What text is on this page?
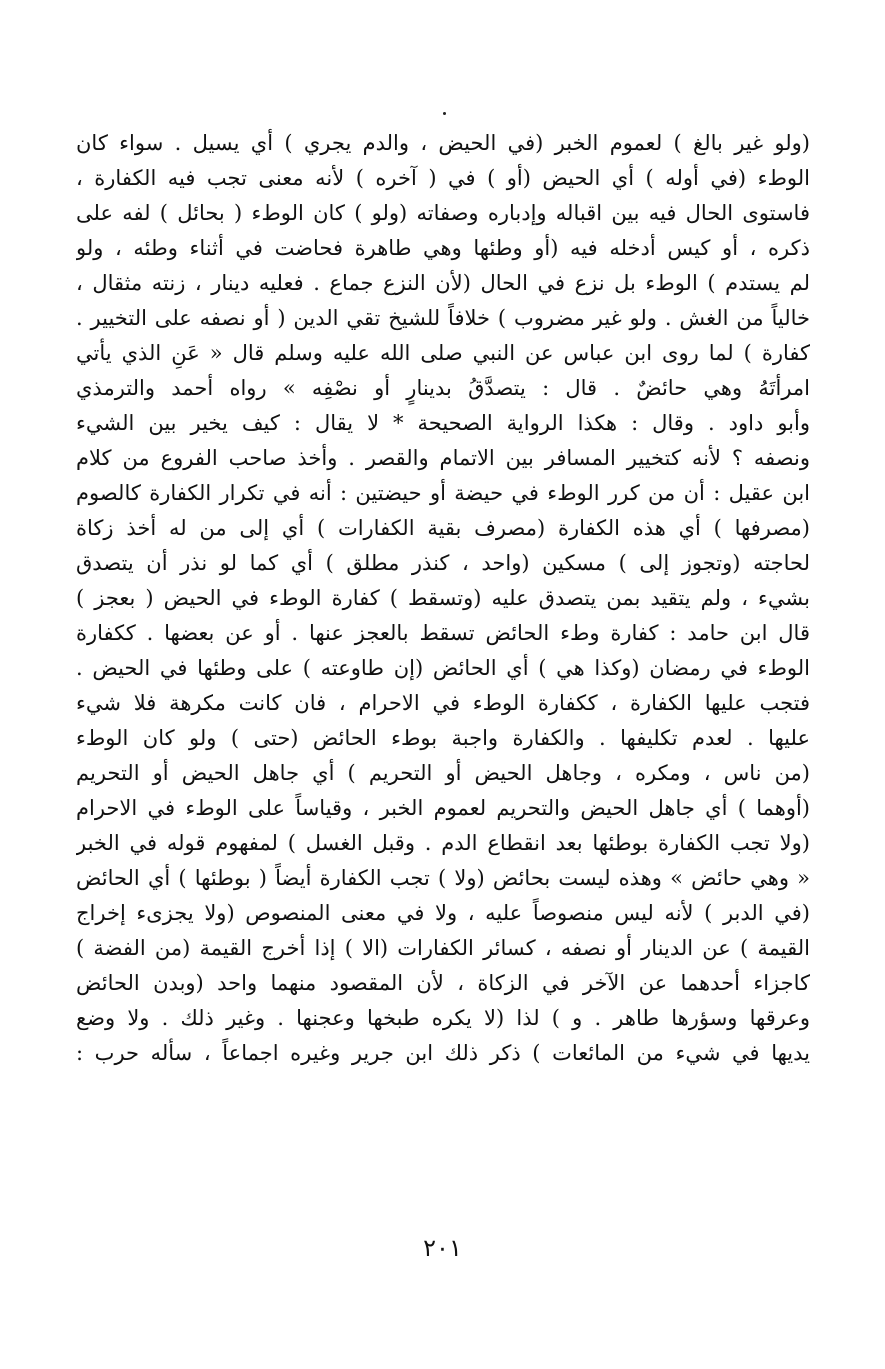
(ولو غير بالغ ) لعموم الخبر (في الحيض ، والدم يجري ) أي يسيل . سواء كان
الوطء (في أوله ) أي الحيض (أو ) في ( آخره ) لأنه معنى تجب فيه الكفارة ،
فاستوى الحال فيه بين اقباله وإدباره وصفاته (ولو ) كان الوطء ( بحائل ) لفه على
ذكره ، أو كيس أدخله فيه (أو وطئها وهي طاهرة فحاضت في أثناء وطئه ، ولو
لم يستدم ) الوطء بل نزع في الحال (لأن النزع جماع . فعليه دينار ، زنته مثقال ،
خالياً من الغش . ولو غير مضروب ) خلافاً للشيخ تقي الدين ( أو نصفه على التخيير .
كفارة ) لما روى ابن عباس عن النبي صلى الله عليه وسلم قال « عَنِ الذي يأتي
امرأتَهُ وهي حائضٌ . قال : يتصدَّقُ بدينارٍ أو نصْفِه » رواه أحمد والترمذي
وأبو داود . وقال : هكذا الرواية الصحيحة * لا يقال : كيف يخير بين الشيء
ونصفه ؟ لأنه كتخيير المسافر بين الاتمام والقصر . وأخذ صاحب الفروع من كلام
ابن عقيل : أن من كرر الوطء في حيضة أو حيضتين : أنه في تكرار الكفارة كالصوم
(مصرفها ) أي هذه الكفارة (مصرف بقية الكفارات ) أي إلى من له أخذ زكاة
لحاجته (وتجوز إلى ) مسكين (واحد ، كنذر مطلق ) أي كما لو نذر أن يتصدق
بشيء ، ولم يتقيد بمن يتصدق عليه (وتسقط ) كفارة الوطء في الحيض ( بعجز )
قال ابن حامد : كفارة وطء الحائض تسقط بالعجز عنها . أو عن بعضها . ككفارة
الوطء في رمضان (وكذا هي ) أي الحائض (إن طاوعته ) على وطئها في الحيض .
فتجب عليها الكفارة ، ككفارة الوطء في الاحرام ، فان كانت مكرهة فلا شيء
عليها . لعدم تكليفها . والكفارة واجبة بوطء الحائض (حتى ) ولو كان الوطء
(من ناس ، ومكره ، وجاهل الحيض أو التحريم ) أي جاهل الحيض أو التحريم
(أوهما ) أي جاهل الحيض والتحريم لعموم الخبر ، وقياساً على الوطء في الاحرام
(ولا تجب الكفارة بوطئها بعد انقطاع الدم . وقبل الغسل ) لمفهوم قوله في الخبر
« وهي حائض » وهذه ليست بحائض (ولا ) تجب الكفارة أيضاً ( بوطئها ) أي الحائض
(في الدبر ) لأنه ليس منصوصاً عليه ، ولا في معنى المنصوص (ولا يجزىء إخراج
القيمة ) عن الدينار أو نصفه ، كسائر الكفارات (الا ) إذا أخرج القيمة (من الفضة )
كاجزاء أحدهما عن الآخر في الزكاة ، لأن المقصود منهما واحد (وبدن الحائض
وعرقها وسؤرها طاهر . و ) لذا (لا يكره طبخها وعجنها . وغير ذلك . ولا وضع
يديها في شيء من المائعات ) ذكر ذلك ابن جرير وغيره اجماعاً ، سأله حرب :
٢٠١
